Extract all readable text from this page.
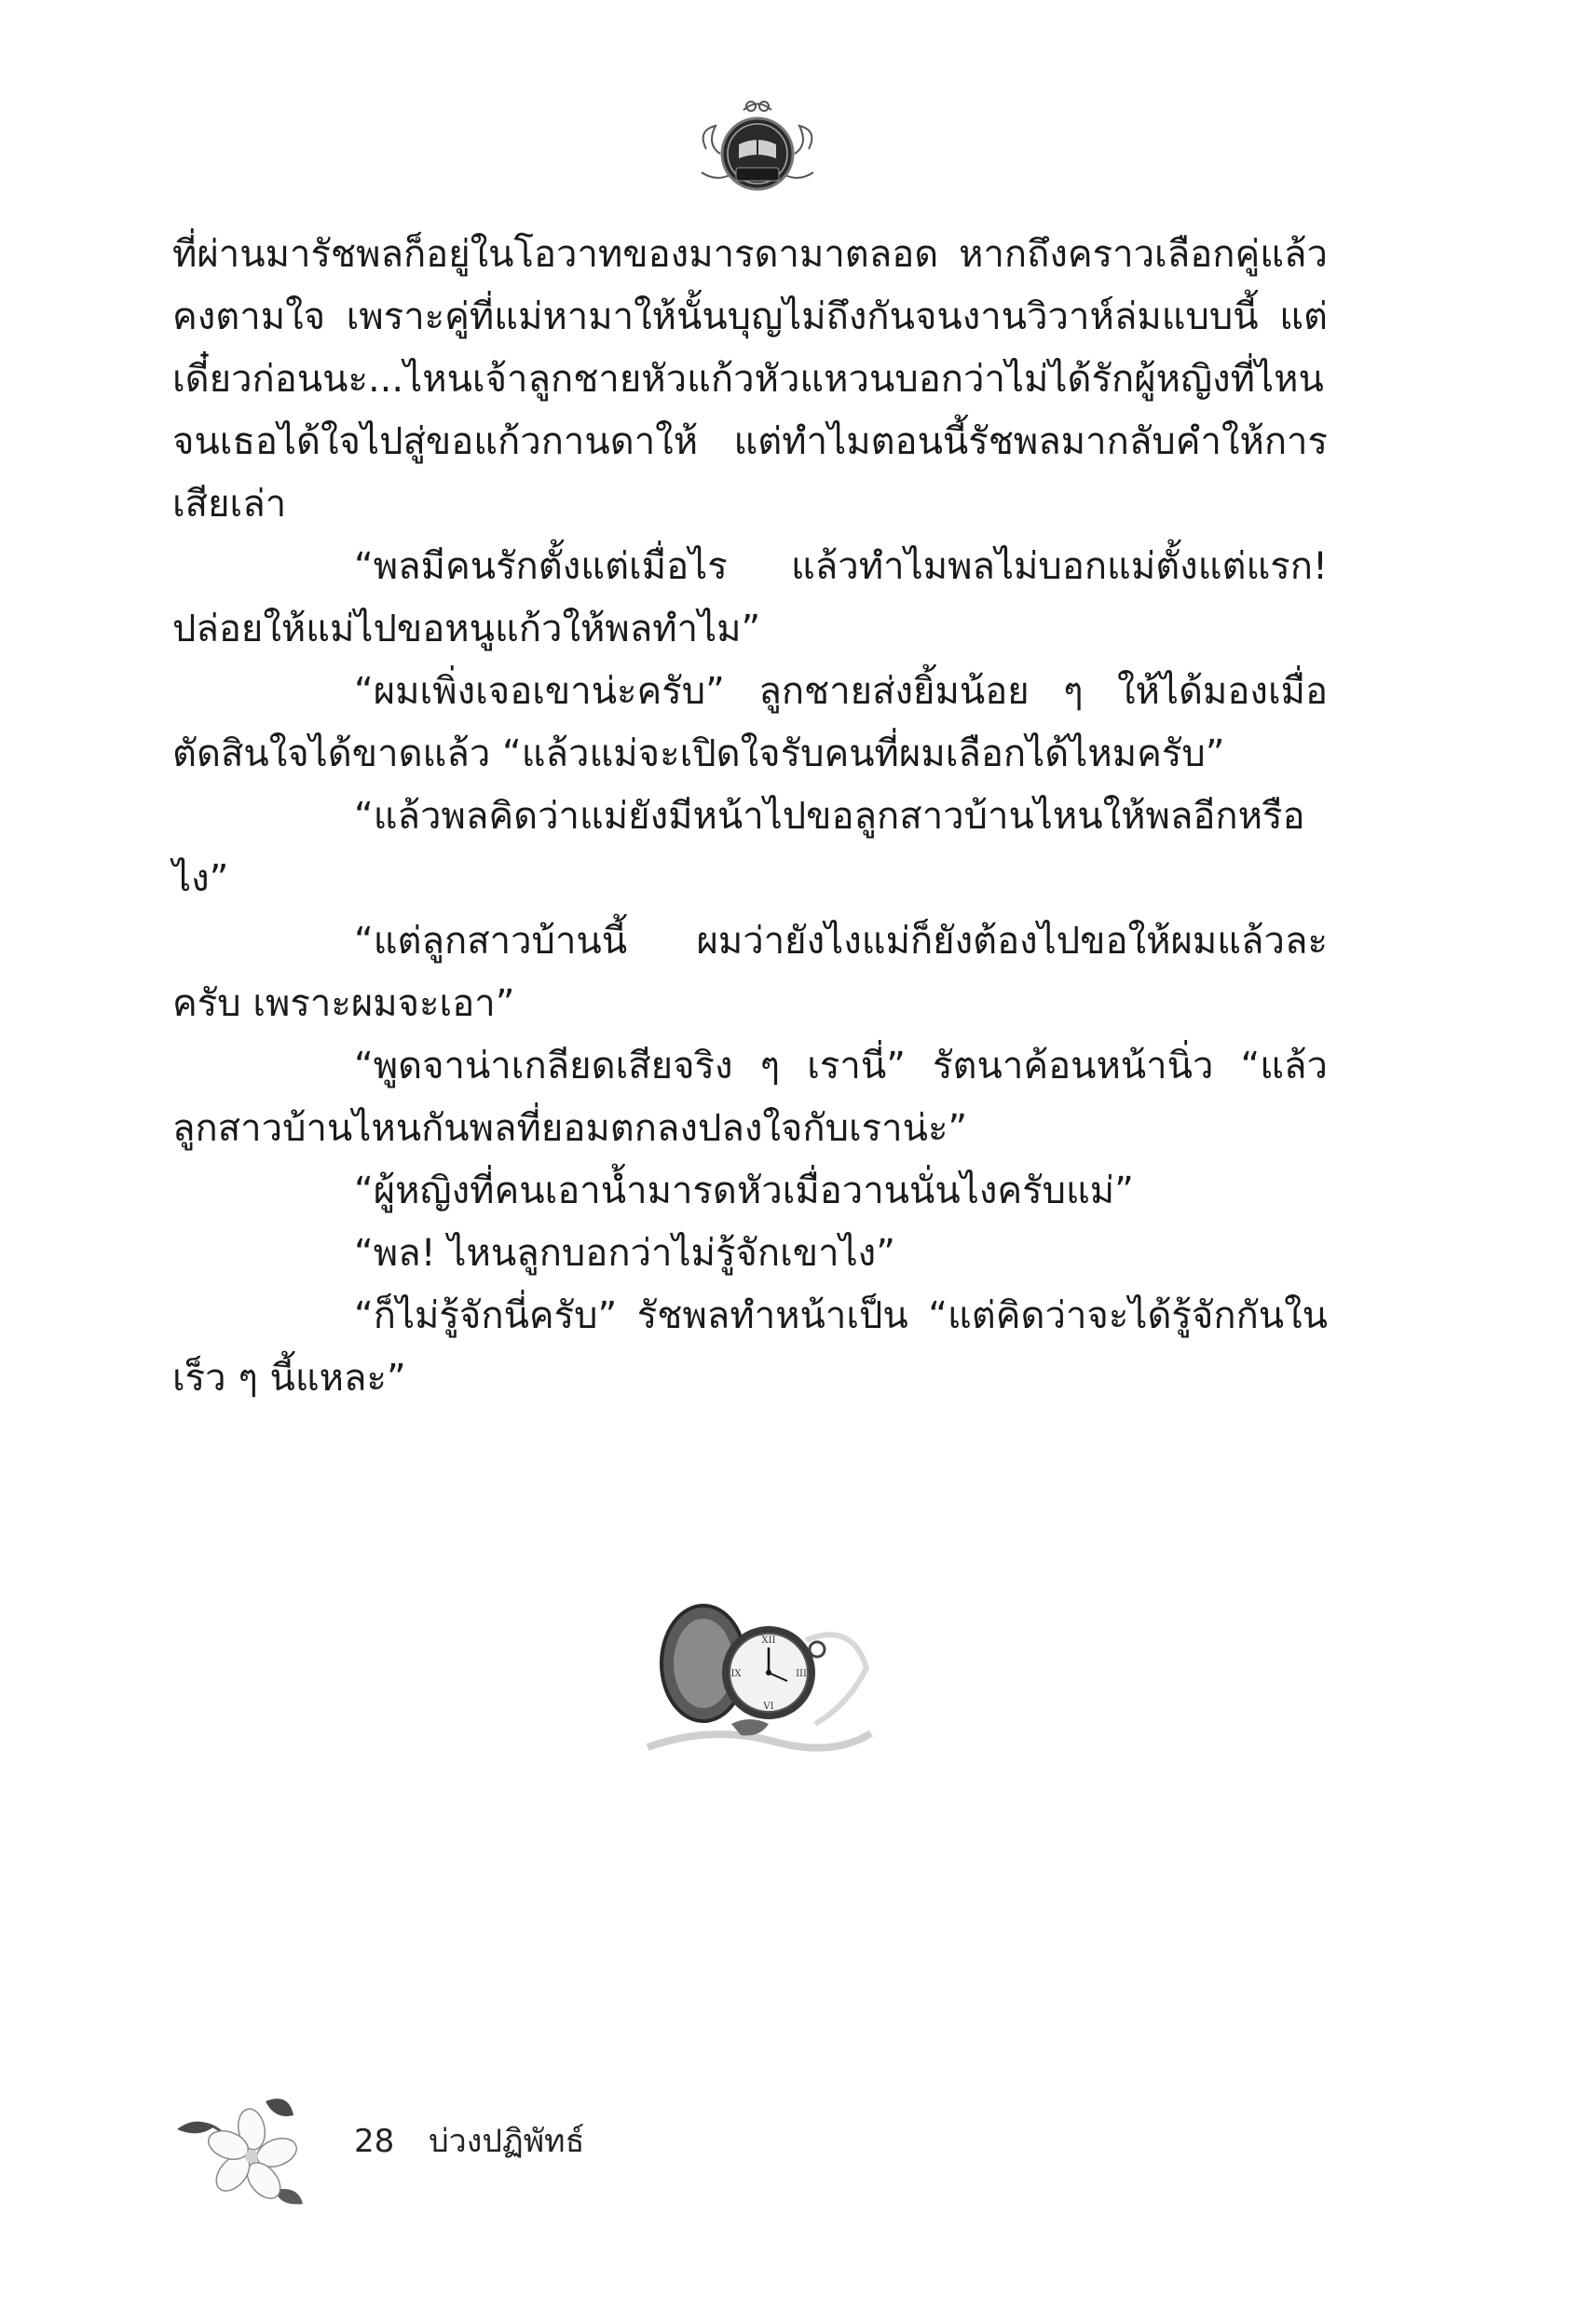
ที่ผ่านมารัชพลก็อยู่ในโอวาทของมารดามาตลอด หากถึงคราวเลือกคู่แล้วคงตามใจ เพราะคู่ที่แม่หามาให้นั้นบุญไม่ถึงกันจนงานวิวาห์ล่มแบบนี้ แต่เดี๋ยวก่อนนะ...ไหนเจ้าลูกชายหัวแก้วหัวแหวนบอกว่าไม่ได้รักผู้หญิงที่ไหนจนเธอได้ใจไปสู่ขอแก้วกานดาให้ แต่ทำไมตอนนี้รัชพลมากลับคำให้การเสียเล่า

“พลมีคนรักตั้งแต่เมื่อไร แล้วทำไมพลไม่บอกแม่ตั้งแต่แรก! ปล่อยให้แม่ไปขอหนูแก้วให้พลทำไม”

“ผมเพิ่งเจอเขาน่ะครับ” ลูกชายส่งยิ้มน้อย ๆ ให้ได้มองเมื่อตัดสินใจได้ขาดแล้ว “แล้วแม่จะเปิดใจรับคนที่ผมเลือกได้ไหมครับ”

“แล้วพลคิดว่าแม่ยังมีหน้าไปขอลูกสาวบ้านไหนให้พลอีกหรือไง”

“แต่ลูกสาวบ้านนี้ ผมว่ายังไงแม่ก็ยังต้องไปขอให้ผมแล้วละครับ เพราะผมจะเอา”

“พูดจาน่าเกลียดเสียจริง ๆ เรานี่” รัตนาค้อนหน้านิ่ว “แล้วลูกสาวบ้านไหนกันพลที่ยอมตกลงปลงใจกับเราน่ะ”

“ผู้หญิงที่คนเอาน้ำมารดหัวเมื่อวานนั่นไงครับแม่”

“พล! ไหนลูกบอกว่าไม่รู้จักเขาไง”

“ก็ไม่รู้จักนี่ครับ” รัชพลทำหน้าเป็น “แต่คิดว่าจะได้รู้จักกันในเร็ว ๆ นี้แหละ”

XII
III
VI
IX
28 บ่วงปฏิพัทธ์
